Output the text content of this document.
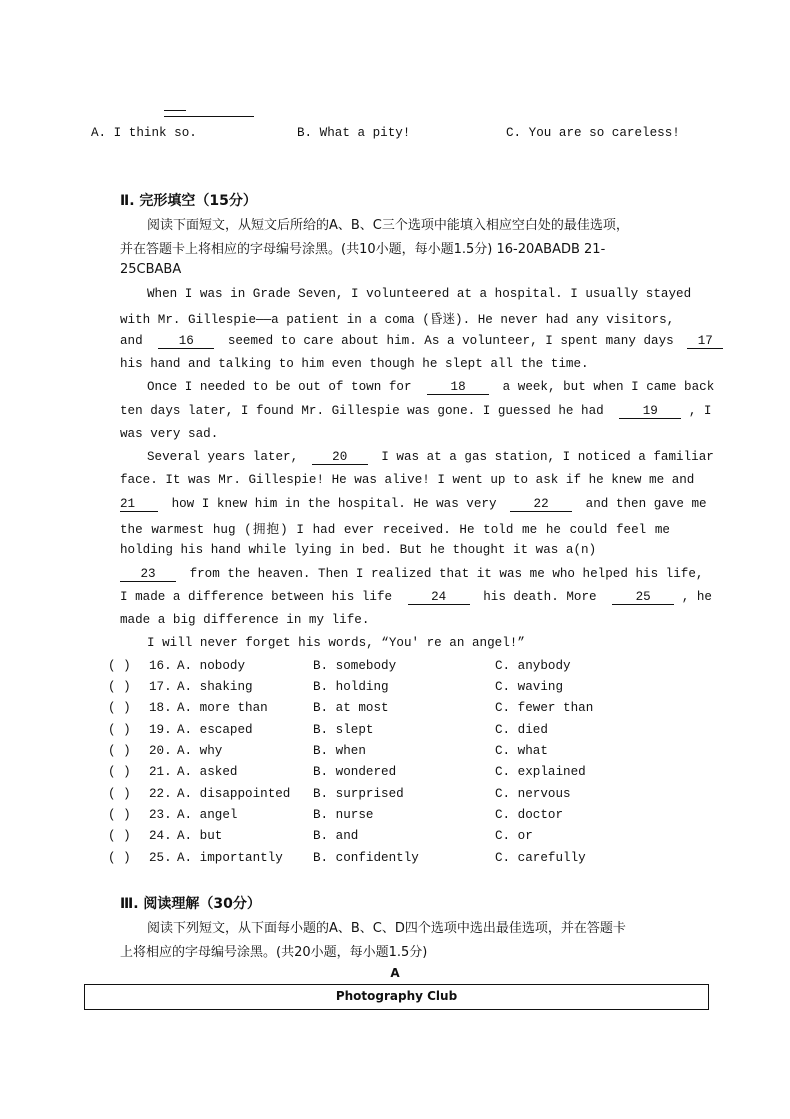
A. I think so.	B. What a pity!	C. You are so careless!
Ⅱ. 完形填空（15分）
阅读下面短文，从短文后所给的A、B、C三个选项中能填入相应空白处的最佳选项，
并在答题卡上将相应的字母编号涂黑。(共10小题，每小题1.5分) 16-20ABADB 21-
25CBABA
When I was in Grade Seven, I volunteered at a hospital. I usually stayed
with Mr. Gillespie——a patient in a coma (昏迷). He never had any visitors,
and	16	seemed to care about him. As a volunteer, I spent many days 17
his hand and talking to him even though he slept all the time.
Once I needed to be out of town for	18	a week, but when I came back
ten days later, I found Mr. Gillespie was gone. I guessed he had	19 , I
was very sad.
Several years later,	20	I was at a gas station, I noticed a familiar
face. It was Mr. Gillespie! He was alive! I went up to ask if he knew me and
21	how I knew him in the hospital. He was very	22	and then gave me
the warmest hug (拥抱) I had ever received. He told me he could feel me
holding his hand while lying in bed. But he thought it was a(n)
23	from the heaven. Then I realized that it was me who helped his life,
I made a difference between his life	24	his death. More	25 , he
made a big difference in my life.
I will never forget his words, “You' re an angel!”
( ) 16. A. nobody	B. somebody	C. anybody
( ) 17. A. shaking	B. holding	C. waving
( ) 18. A. more than	B. at most	C. fewer than
( ) 19. A. escaped	B. slept	C. died
( ) 20. A. why	B. when	C. what
( ) 21. A. asked	B. wondered	C. explained
( ) 22. A. disappointed B. surprised	C. nervous
( ) 23. A. angel	B. nurse	C. doctor
( ) 24. A. but	B. and	C. or
( ) 25. A. importantly B. confidently	C. carefully
Ⅲ. 阅读理解（30分）
阅读下列短文，从下面每小题的A、B、C、D四个选项中选出最佳选项，并在答题卡
上将相应的字母编号涂黑。(共20小题，每小题1.5分)
A
Photography Club
